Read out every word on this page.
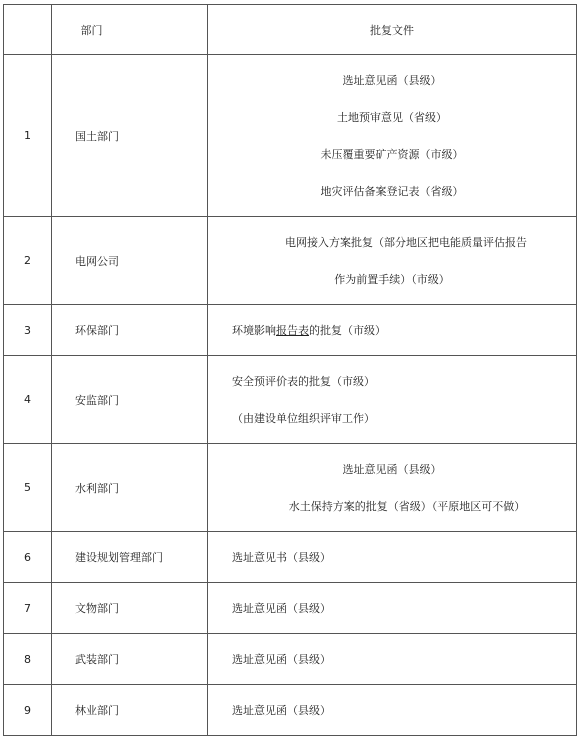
	部门	批复文件
1	国土部门	选址意见函（县级）
土地预审意见（省级）
未压覆重要矿产资源（市级）
地灾评估备案登记表（省级）

2	电网公司	电网接入方案批复（部分地区把电能质量评估报告
作为前置手续）（市级）

3	环保部门	环境影响报告表的批复（市级）

4	安监部门	安全预评价表的批复（市级）
（由建设单位组织评审工作）

5	水利部门	选址意见函（县级）
水土保持方案的批复（省级）（平原地区可不做）

6	建设规划管理部门	选址意见书（县级）

7	文物部门	选址意见函（县级）

8	武装部门	选址意见函（县级）

9	林业部门	选址意见函（县级）
